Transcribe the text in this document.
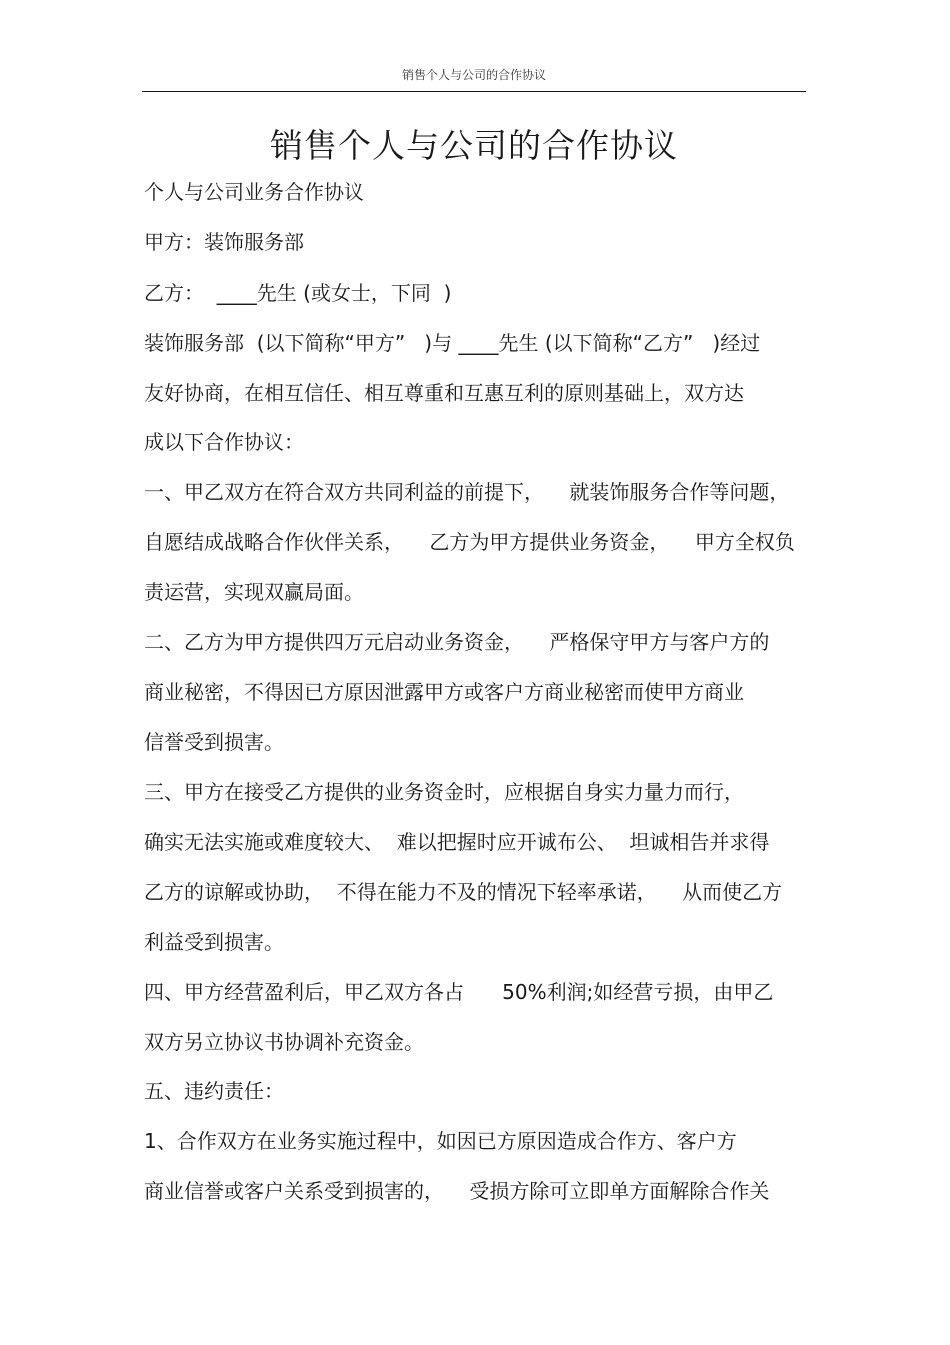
销售个人与公司的合作协议
销售个人与公司的合作协议

个人与公司业务合作协议

甲方：装饰服务部

乙方：  ____先生 (或女士，下同  )

装饰服务部  (以下简称“甲方”   )与 ____先生 (以下简称“乙方”   )经过

友好协商，在相互信任、相互尊重和互惠互利的原则基础上，双方达

成以下合作协议：

一、甲乙双方在符合双方共同利益的前提下，    就装饰服务合作等问题，

自愿结成战略合作伙伴关系，    乙方为甲方提供业务资金，    甲方全权负

责运营，实现双赢局面。

二、乙方为甲方提供四万元启动业务资金，    严格保守甲方与客户方的

商业秘密，不得因已方原因泄露甲方或客户方商业秘密而使甲方商业

信誉受到损害。

三、甲方在接受乙方提供的业务资金时，应根据自身实力量力而行，

确实无法实施或难度较大、  难以把握时应开诚布公、  坦诚相告并求得

乙方的谅解或协助，  不得在能力不及的情况下轻率承诺，    从而使乙方

利益受到损害。

四、甲方经营盈利后，甲乙双方各占      50%利润;如经营亏损，由甲乙

双方另立协议书协调补充资金。

五、违约责任：

1、合作双方在业务实施过程中，如因已方原因造成合作方、客户方

商业信誉或客户关系受到损害的，    受损方除可立即单方面解除合作关
